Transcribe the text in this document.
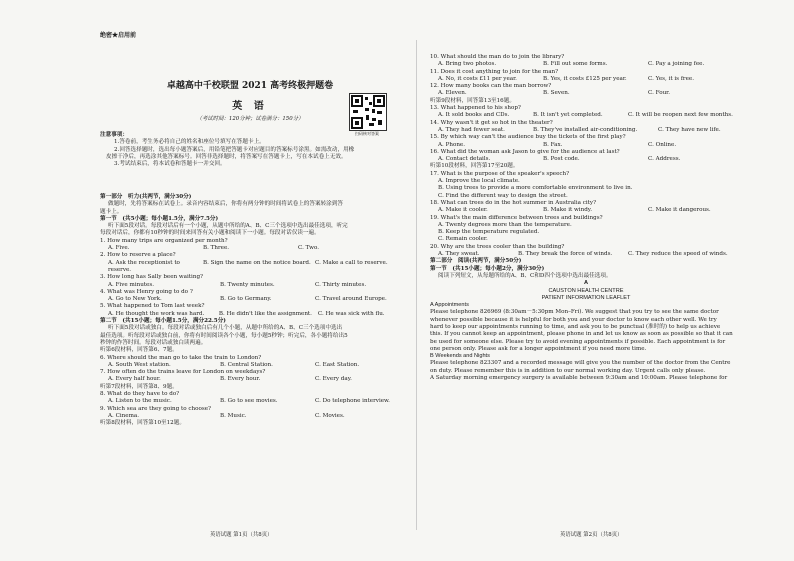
绝密★启用前
卓越高中千校联盟 2021 高考终极押题卷
英 语
（考试时间：120分钟；试卷满分：150分）
扫码核对答案
注意事项：
1.答卷前，考生务必将自己的姓名和座位号填写在答题卡上。
2.回答选择题时，选出每小题答案后，用铅笔把答题卡对应题目的答案标号涂黑。如需改动，用橡
皮擦干净后，再选涂其他答案标号。回答非选择题时，将答案写在答题卡上，写在本试卷上无效。
3.考试结束后，将本试卷和答题卡一并交回。
第一部分　听力(共两节，满分30分)
做题时，先将答案标在试卷上。录音内容结束后，你将有两分钟的时间将试卷上的答案转涂到答
题卡上。
第一节　(共5小题；每小题1.5分，满分7.5分)
听下面5段对话。每段对话后有一个小题，从题中所给的A、B、C三个选项中选出最佳选项，听完
每段对话后，你都有10秒钟的时间来回答有关小题和阅读下一小题。每段对话仅读一遍。
1. How many trips are organized per month?
A. Five.	B. Three.	C. Two.
2. How to reserve a place?
A. Ask the receptionist to reserve.
B. Sign the name on the notice board. C. Make a call to reserve.
3. How long has Sally been waiting?
A. Five minutes.	B. Twenty minutes.	C. Thirty minutes.
4. What was Henry going to do ?
A. Go to New York.	B. Go to Germany.	C. Travel around Europe.
5. What happened to Tom last week?
A. He thought the work was hard.	B. He didn't like the assignment.	C. He was sick with flu.
第二节　(共15小题；每小题1.5分，满分22.5分)
听下面5段对话或独白。每段对话或独白后有几个小题，从题中所给的A、B、C三个选项中选出
最佳选项。听每段对话或独白前，你将有时间阅读各个小题，每小题5秒钟；听完后，各小题将给出5
秒钟的作答时间。每段对话或独白读两遍。
听第6段材料，回答第6、7题。
6. Where should the man go to take the train to London?
A. South West station.	B. Central Station.	C. East Station.
7. How often do the trains leave for London on weekdays?
A. Every half hour.	B. Every hour.	C. Every day.
听第7段材料，回答第8、9题。
8. What do they have to do?
A. Listen to the music.	B. Go to see movies.	C. Do telephone interview.
9. Which sea are they going to choose?
A. Cinema.	B. Music.	C. Movies.
听第8段材料，回答第10至12题。
10. What should the man do to join the library?
A. Bring two photos.	B. Fill out some forms.	C. Pay a joining fee.
11. Does it cost anything to join for the man?
A. No, it costs £11 per year.	B. Yes, it costs £125 per year.	C. Yes, it is free.
12. How many books can the man borrow?
A. Eleven.	B. Seven.	C. Four.
听第9段材料，回答第13至16题。
13. What happened to his shop?
A. It sold books and CDs.	B. It isn't yet completed.	C. It will be reopen next few months.
14. Why wasn't it get so hot in the theater?
A. They had fewer seat.	B. They've installed air-conditioning.	C. They have new life.
15. By which way can't the audience buy the tickets of the first play?
A. Phone.	B. Fax.	C. Online.
16. What did the woman ask Jason to give for the audience at last?
A. Contact details.	B. Post code.	C. Address.
听第10段材料，回答第17至20题。
17. What is the purpose of the speaker's speech?
A. Improve the local climate.
B. Using trees to provide a more comfortable environment to live in.
C. Find the different way to design the street.
18. What can trees do in the hot summer in Australia city?
A. Make it cooler.	B. Make it windy.	C. Make it dangerous.
19. What's the main difference between trees and buildings?
A. Twenty degrees more than the temperature.
B. Keep the temperature regulated.
C. Remain cooler.
20. Why are the trees cooler than the building?
A. They sweat.	B. They break the force of winds.	C. They reduce the speed of winds.
第二部分　阅读(共两节，满分50分)
第一节　(共15小题；每小题2分，满分30分)
阅读下列短文，从每题所给的A、B、C和D四个选项中选出最佳选项。
A
CAUSTON HEALTH CENTRE
PATIENT INFORMATION LEAFLET
A Appointments
Please telephone 826969 (8:30am－5:30pm Mon–Fri). We suggest that you try to see the same doctor
whenever possible because it is helpful for both you and your doctor to know each other well. We try
hard to keep our appointments running to time, and ask you to be punctual (准时的) to help us achieve
this. If you cannot keep an appointment, please phone in and let us know as soon as possible so that it can
be used for someone else. Please try to avoid evening appointments if possible. Each appointment is for
one person only. Please ask for a longer appointment if you need more time.
B Weekends and Nights
Please telephone 823307 and a recorded message will give you the number of the doctor from the Centre
on duty. Please remember this is in addition to our normal working day. Urgent calls only please.
A Saturday morning emergency surgery is available between 9:30am and 10:00am. Please telephone for
英语试题 第1页（共8页）	英语试题 第2页（共8页）
